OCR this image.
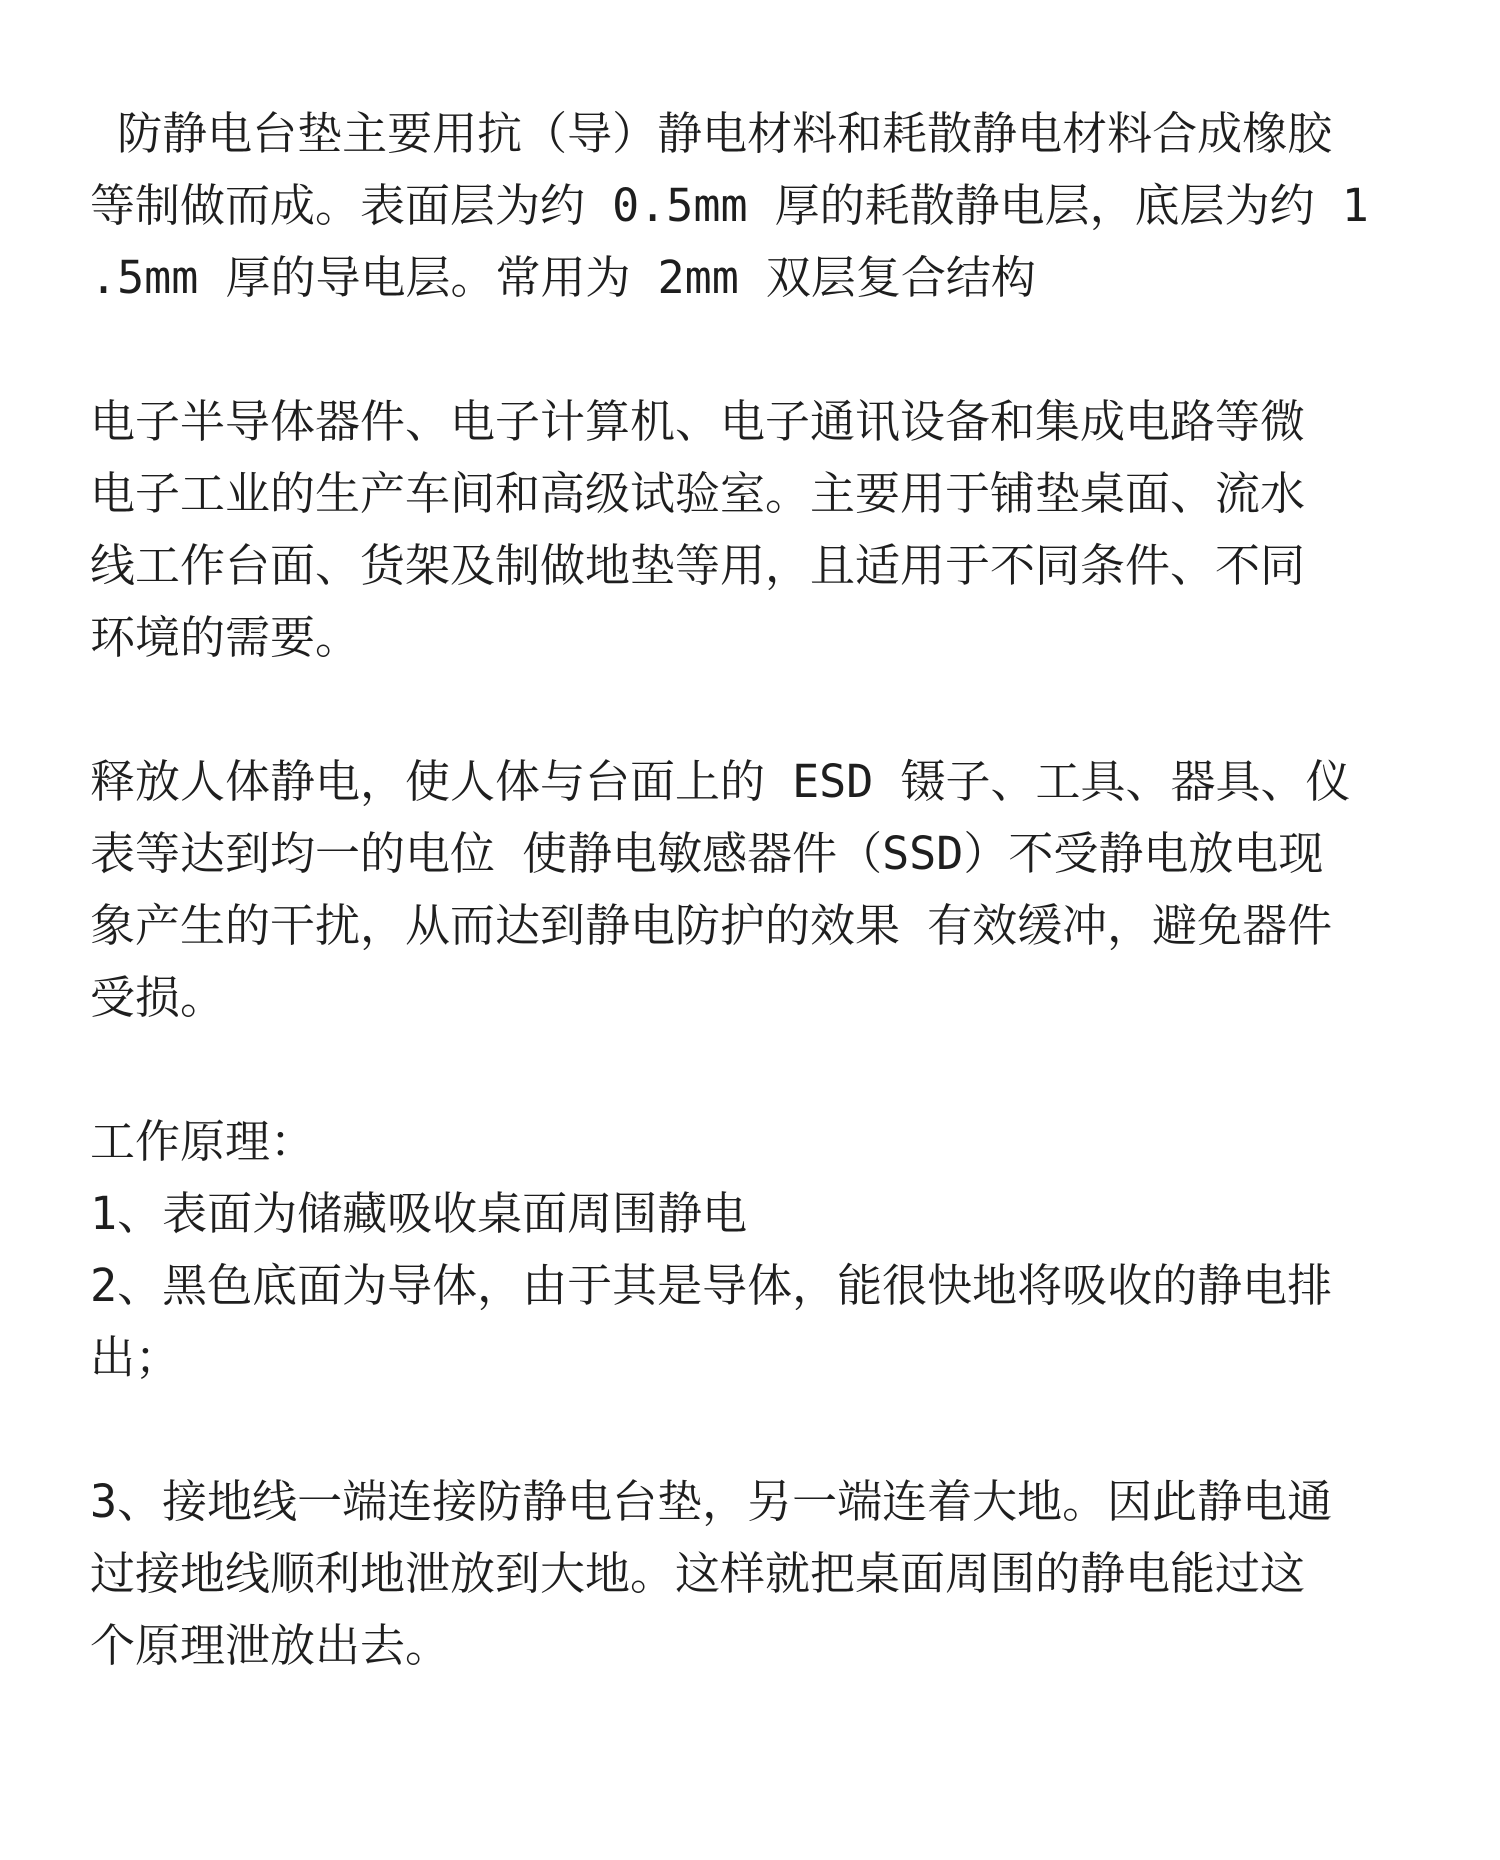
防静电台垫主要用抗（导）静电材料和耗散静电材料合成橡胶
等制做而成。表面层为约 0.5mm 厚的耗散静电层，底层为约 1
.5mm 厚的导电层。常用为 2mm 双层复合结构
电子半导体器件、电子计算机、电子通讯设备和集成电路等微
电子工业的生产车间和高级试验室。主要用于铺垫桌面、流水
线工作台面、货架及制做地垫等用，且适用于不同条件、不同
环境的需要。
释放人体静电，使人体与台面上的 ESD 镊子、工具、器具、仪
表等达到均一的电位 使静电敏感器件（SSD）不受静电放电现
象产生的干扰，从而达到静电防护的效果 有效缓冲，避免器件
受损。
工作原理：
1、表面为储藏吸收桌面周围静电
2、黑色底面为导体，由于其是导体，能很快地将吸收的静电排
出；
3、接地线一端连接防静电台垫，另一端连着大地。因此静电通
过接地线顺利地泄放到大地。这样就把桌面周围的静电能过这
个原理泄放出去。
